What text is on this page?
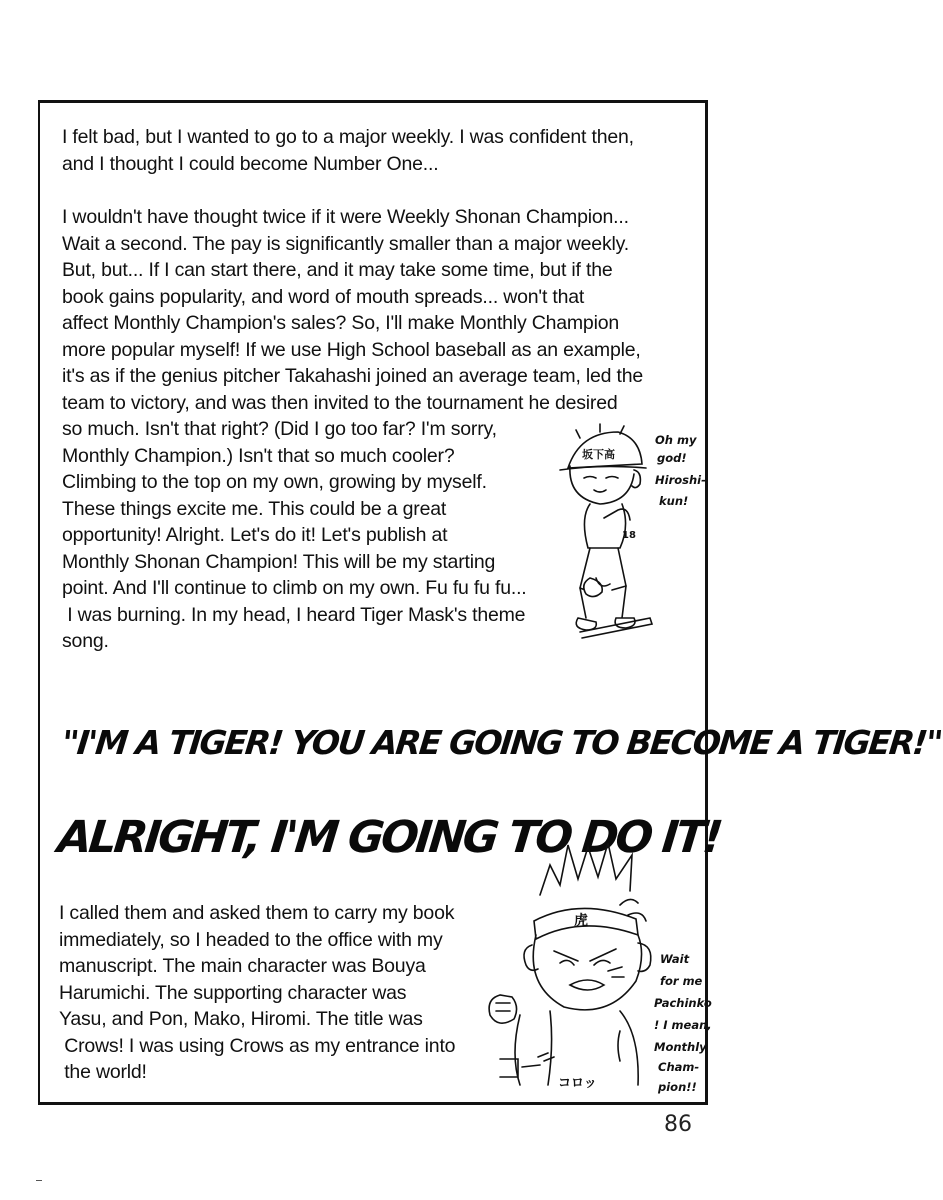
I felt bad, but I wanted to go to a major weekly. I was confident then,

and I thought I could become Number One...

I wouldn't have thought twice if it were Weekly Shonan Champion...

Wait a second. The pay is significantly smaller than a major weekly.

But, but... If I can start there, and it may take some time, but if the

book gains popularity, and word of mouth spreads... won't that

affect Monthly Champion's sales? So, I'll make Monthly Champion

more popular myself! If we use High School baseball as an example,

it's as if the genius pitcher Takahashi joined an average team, led the

team to victory, and was then invited to the tournament he desired

so much. Isn't that right? (Did I go too far? I'm sorry,

Monthly Champion.) Isn't that so much cooler?

Climbing to the top on my own, growing by myself.

These things excite me. This could be a great

opportunity! Alright. Let's do it! Let's publish at

Monthly Shonan Champion! This will be my starting

point. And I'll continue to climb on my own. Fu fu fu fu...

I was burning. In my head, I heard Tiger Mask's theme

song.

"I'M A TIGER! YOU ARE GOING TO BECOME A TIGER!"
ALRIGHT, I'M GOING TO DO IT!

I called them and asked them to carry my book

immediately, so I headed to the office with my

manuscript. The main character was Bouya

Harumichi. The supporting character was

Yasu, and Pon, Mako, Hiromi. The title was

Crows! I was using Crows as my entrance into

the world!

坂下高
18
Oh my
god!
Hiroshi-
kun!
虎
コロッ
Wait
for me
Pachinko
! I mean,
Monthly
Cham-
pion!!
86
